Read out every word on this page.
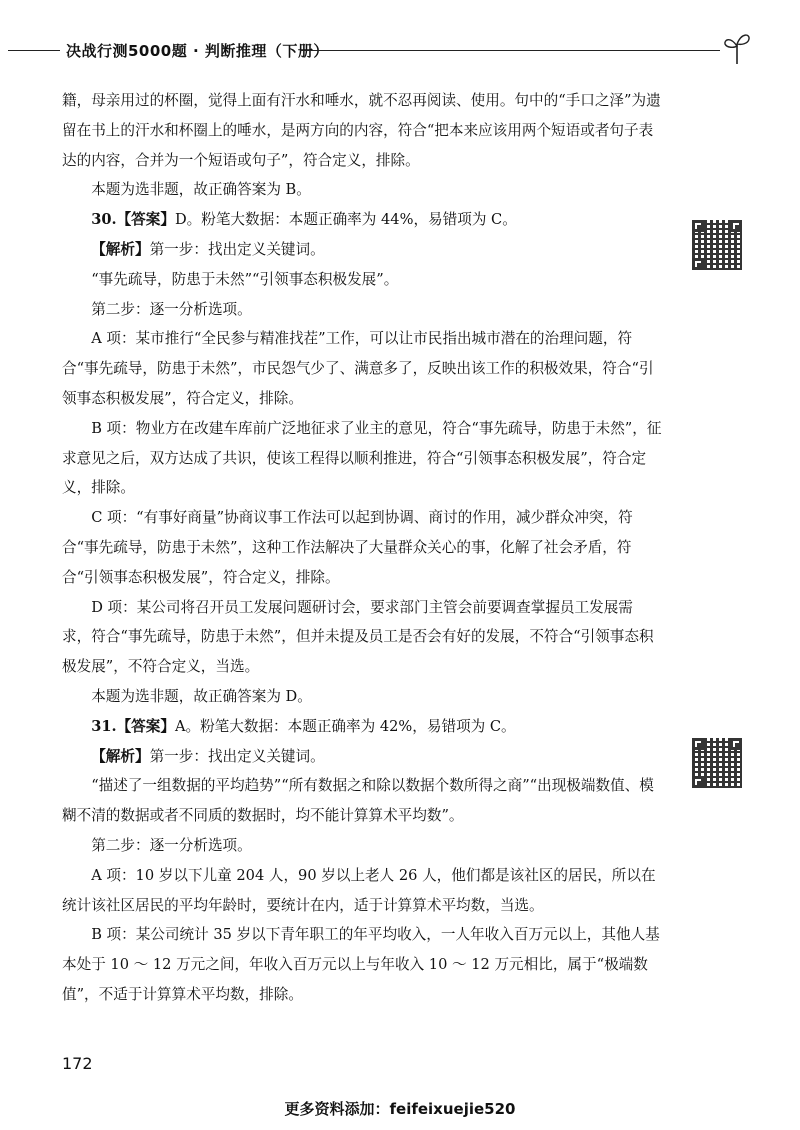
决战行测5000题 · 判断推理（下册）

籍，母亲用过的杯圈，觉得上面有汗水和唾水，就不忍再阅读、使用。句中的“手口之泽”为遗留在书上的汗水和杯圈上的唾水，是两方向的内容，符合“把本来应该用两个短语或者句子表达的内容，合并为一个短语或句子”，符合定义，排除。

本题为选非题，故正确答案为 B。

30.【答案】D。粉笔大数据：本题正确率为 44%，易错项为 C。

【解析】第一步：找出定义关键词。

“事先疏导，防患于未然”“引领事态积极发展”。

第二步：逐一分析选项。

A 项：某市推行“全民参与精准找茬”工作，可以让市民指出城市潜在的治理问题，符合“事先疏导，防患于未然”，市民怨气少了、满意多了，反映出该工作的积极效果，符合“引领事态积极发展”，符合定义，排除。

B 项：物业方在改建车库前广泛地征求了业主的意见，符合“事先疏导，防患于未然”，征求意见之后，双方达成了共识，使该工程得以顺利推进，符合“引领事态积极发展”，符合定义，排除。

C 项：“有事好商量”协商议事工作法可以起到协调、商讨的作用，减少群众冲突，符合“事先疏导，防患于未然”，这种工作法解决了大量群众关心的事，化解了社会矛盾，符合“引领事态积极发展”，符合定义，排除。

D 项：某公司将召开员工发展问题研讨会，要求部门主管会前要调查掌握员工发展需求，符合“事先疏导，防患于未然”，但并未提及员工是否会有好的发展，不符合“引领事态积极发展”，不符合定义，当选。

本题为选非题，故正确答案为 D。

31.【答案】A。粉笔大数据：本题正确率为 42%，易错项为 C。

【解析】第一步：找出定义关键词。

“描述了一组数据的平均趋势”“所有数据之和除以数据个数所得之商”“出现极端数值、模糊不清的数据或者不同质的数据时，均不能计算算术平均数”。

第二步：逐一分析选项。

A 项：10 岁以下儿童 204 人，90 岁以上老人 26 人，他们都是该社区的居民，所以在统计该社区居民的平均年龄时，要统计在内，适于计算算术平均数，当选。

B 项：某公司统计 35 岁以下青年职工的年平均收入，一人年收入百万元以上，其他人基本处于 10 ～ 12 万元之间，年收入百万元以上与年收入 10 ～ 12 万元相比，属于“极端数值”，不适于计算算术平均数，排除。

172
更多资料添加：feifeixuejie520
